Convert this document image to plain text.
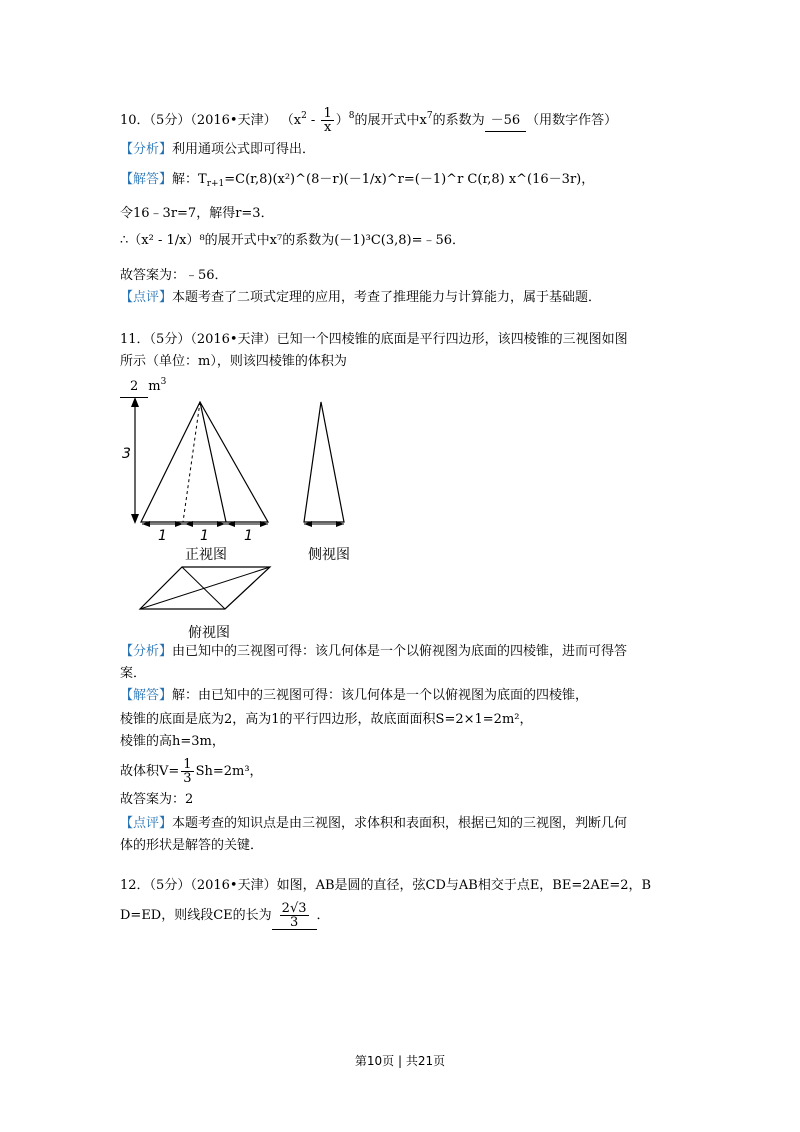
10．（5分）（2016•天津） $(x^2 - \frac{1}{x} )^8$的展开式中$x^7$的系数为 －56 （用数字作答）
【分析】利用通项公式即可得出．
【解答】解：$T_{r+1}=C(r,8)(x^2)\^{}(8-r)(-1/x)\^{}r=(-1)\^{}r$ C(r,8) x^(16－3r)，
令16﹣3r=7，解得r=3．
∴（x² - 1/x）⁸的展开式中x⁷的系数为(－1)³C(3,8)=﹣56．
故答案为：﹣56．
【点评】本题考查了二项式定理的应用，考查了推理能力与计算能力，属于基础题．
11．（5分）（2016•天津）已知一个四棱锥的底面是平行四边形，该四棱锥的三视图如图
所示（单位：m），则该四棱锥的体积为
2 $m^3$
3
1 1	1
正视图	侧视图
俯视图
【分析】由已知中的三视图可得：该几何体是一个以俯视图为底面的四棱锥，进而可得答
案．
【解答】解：由已知中的三视图可得：该几何体是一个以俯视图为底面的四棱锥，
棱锥的底面是底为2，高为1的平行四边形，故底面面积S=2×1=2m²，
棱锥的高h=3m，
故体积$V= \frac{1}{3} Sh=2m^3$，
故答案为：2
【点评】本题考查的知识点是由三视图，求体积和表面积，根据已知的三视图，判断几何
体的形状是解答的关键．
12．（5分）（2016•天津）如图，AB是圆的直径，弦CD与AB相交于点E，BE=2AE=2，B
D=ED，则线段CE的长为 $\frac{2√3}{3}$ ．
第10页 | 共21页
